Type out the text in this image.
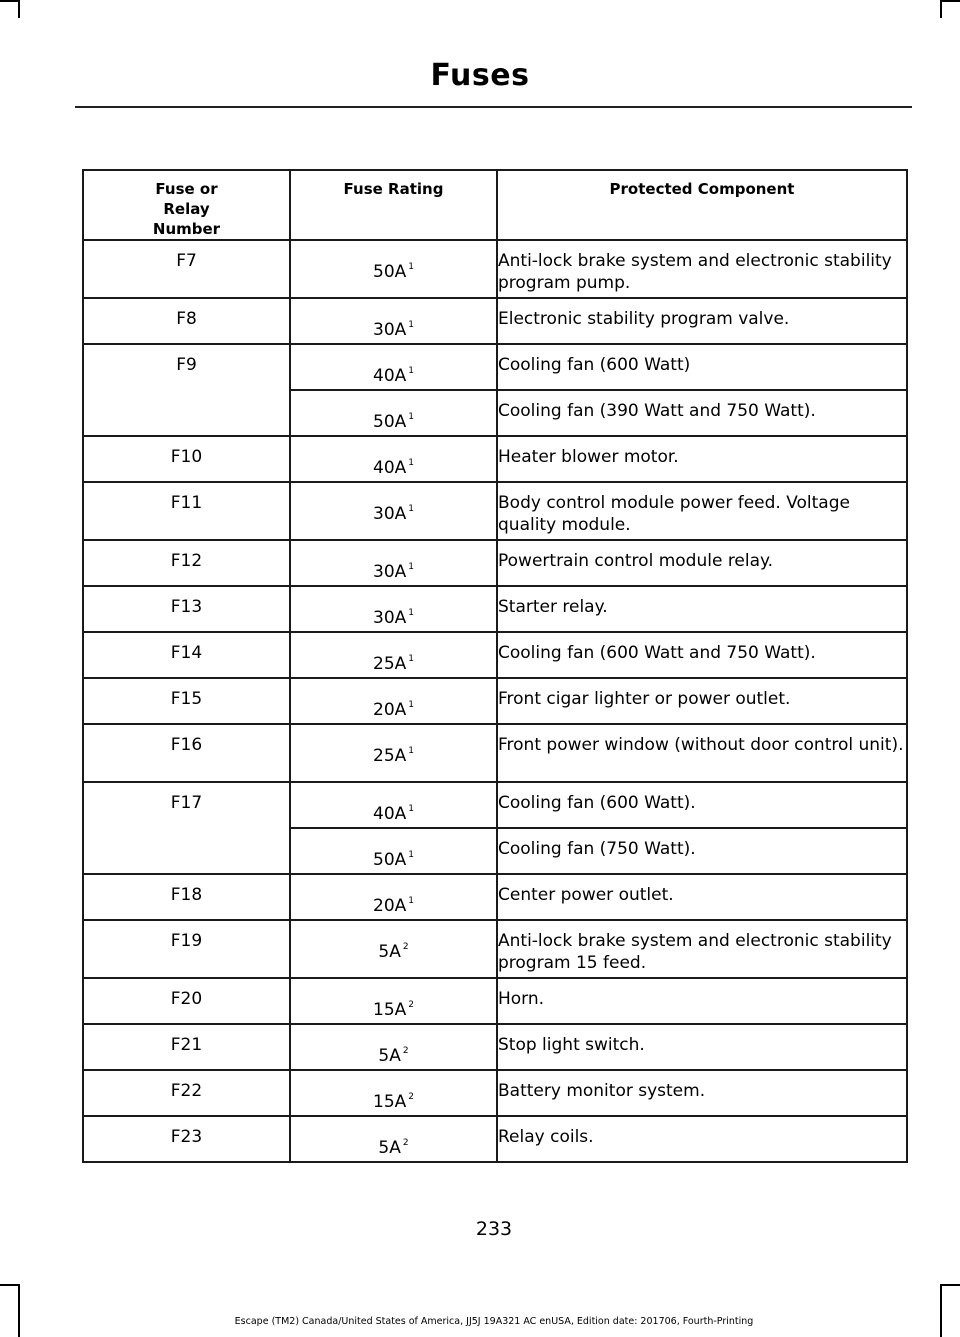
Fuses
Fuse or Relay Number	Fuse Rating	Protected Component

F7	50A $^1$	Anti-lock brake system and electronic stability program pump.

F8	30A $^1$	Electronic stability program valve.

F9	40A $^1$	Cooling fan (600 Watt)

	50A $^1$	Cooling fan (390 Watt and 750 Watt).

F10	40A $^1$	Heater blower motor.

F11	30A $^1$	Body control module power feed. Voltage quality module.

F12	30A $^1$	Powertrain control module relay.

F13	30A $^1$	Starter relay.

F14	25A $^1$	Cooling fan (600 Watt and 750 Watt).

F15	20A $^1$	Front cigar lighter or power outlet.

F16	25A $^1$	Front power window (without door control unit).

F17	40A $^1$	Cooling fan (600 Watt).

	50A $^1$	Cooling fan (750 Watt).

F18	20A $^1$	Center power outlet.

F19	5A $^2$	Anti-lock brake system and electronic stability program 15 feed.

F20	15A $^2$	Horn.

F21	5A $^2$	Stop light switch.

F22	15A $^2$	Battery monitor system.

F23	5A $^2$	Relay coils.
233
Escape (TM2) Canada/United States of America, JJ5J 19A321 AC enUSA, Edition date: 201706, Fourth-Printing
